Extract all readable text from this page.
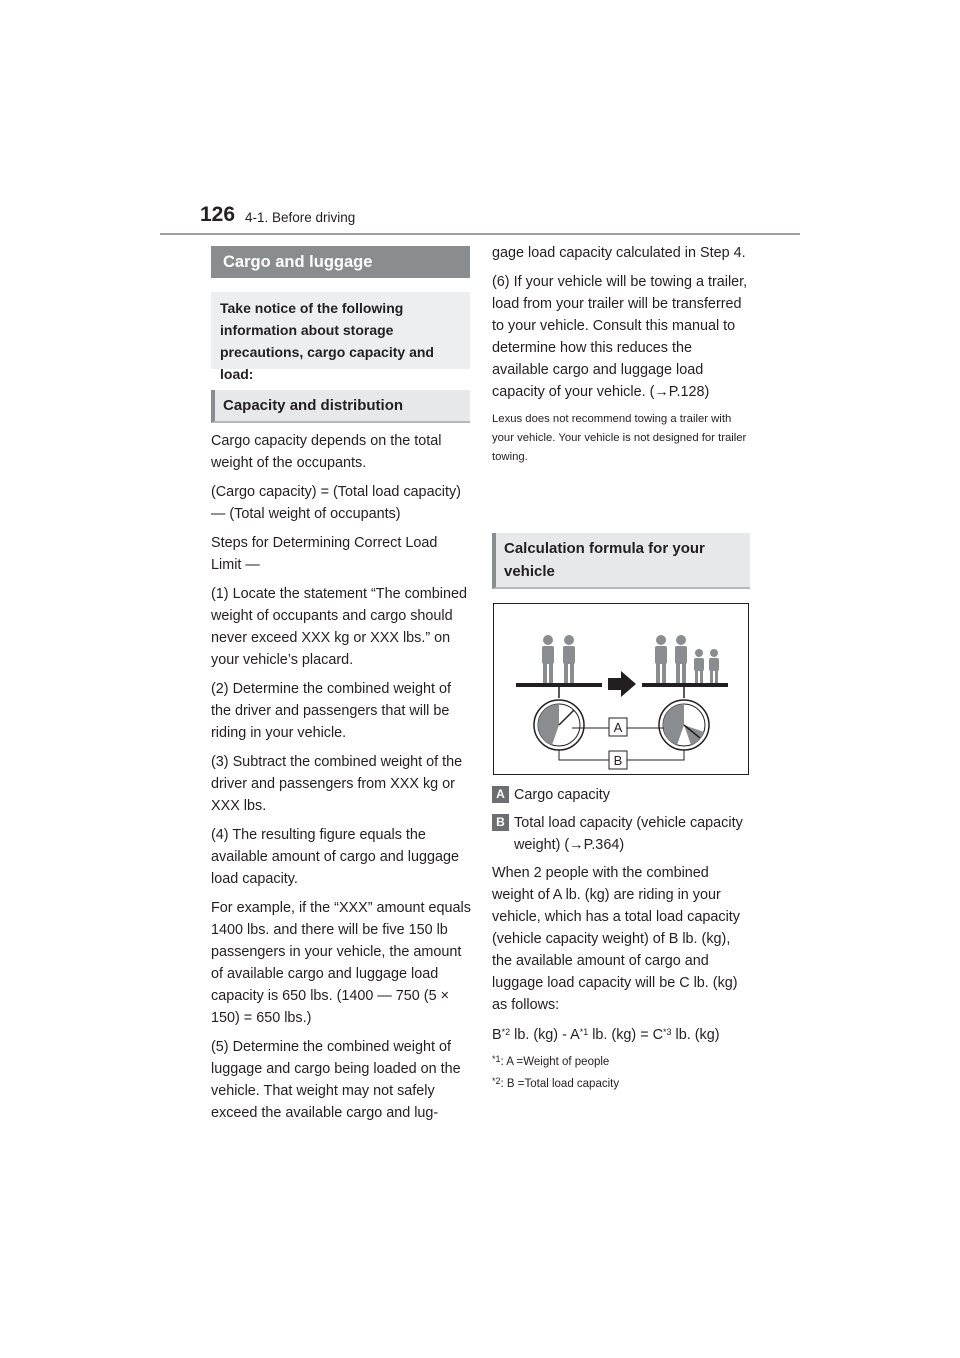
126 4-1. Before driving
Cargo and luggage
Take notice of the following information about storage precautions, cargo capacity and load:
Capacity and distribution

Cargo capacity depends on the total weight of the occupants.

(Cargo capacity) = (Total load capacity) — (Total weight of occupants)

Steps for Determining Correct Load Limit —

(1) Locate the statement “The combined weight of occupants and cargo should never exceed XXX kg or XXX lbs.” on your vehicle’s placard.

(2) Determine the combined weight of the driver and passengers that will be riding in your vehicle.

(3) Subtract the combined weight of the driver and passengers from XXX kg or XXX lbs.

(4) The resulting figure equals the available amount of cargo and luggage load capacity.

For example, if the “XXX” amount equals 1400 lbs. and there will be five 150 lb passengers in your vehicle, the amount of available cargo and luggage load capacity is 650 lbs. (1400 — 750 (5 × 150) = 650 lbs.)

(5) Determine the combined weight of luggage and cargo being loaded on the vehicle. That weight may not safely exceed the available cargo and lug-

gage load capacity calculated in Step 4.

(6) If your vehicle will be towing a trailer, load from your trailer will be transferred to your vehicle. Consult this manual to determine how this reduces the available cargo and luggage load capacity of your vehicle. (→P.128)

Lexus does not recommend towing a trailer with your vehicle. Your vehicle is not designed for trailer towing.

Calculation formula for your vehicle
A
B
A Cargo capacity
B Total load capacity (vehicle capacity weight) (→P.364)

When 2 people with the combined weight of A lb. (kg) are riding in your vehicle, which has a total load capacity (vehicle capacity weight) of B lb. (kg), the available amount of cargo and luggage load capacity will be C lb. (kg) as follows:

$B^{*2}$ lb. $(kg) - A^{*1}$ lb. $(kg) = C^{*3}$ lb. (kg)

$^{*1}$: A =Weight of people

$^{*2}$: B =Total load capacity
